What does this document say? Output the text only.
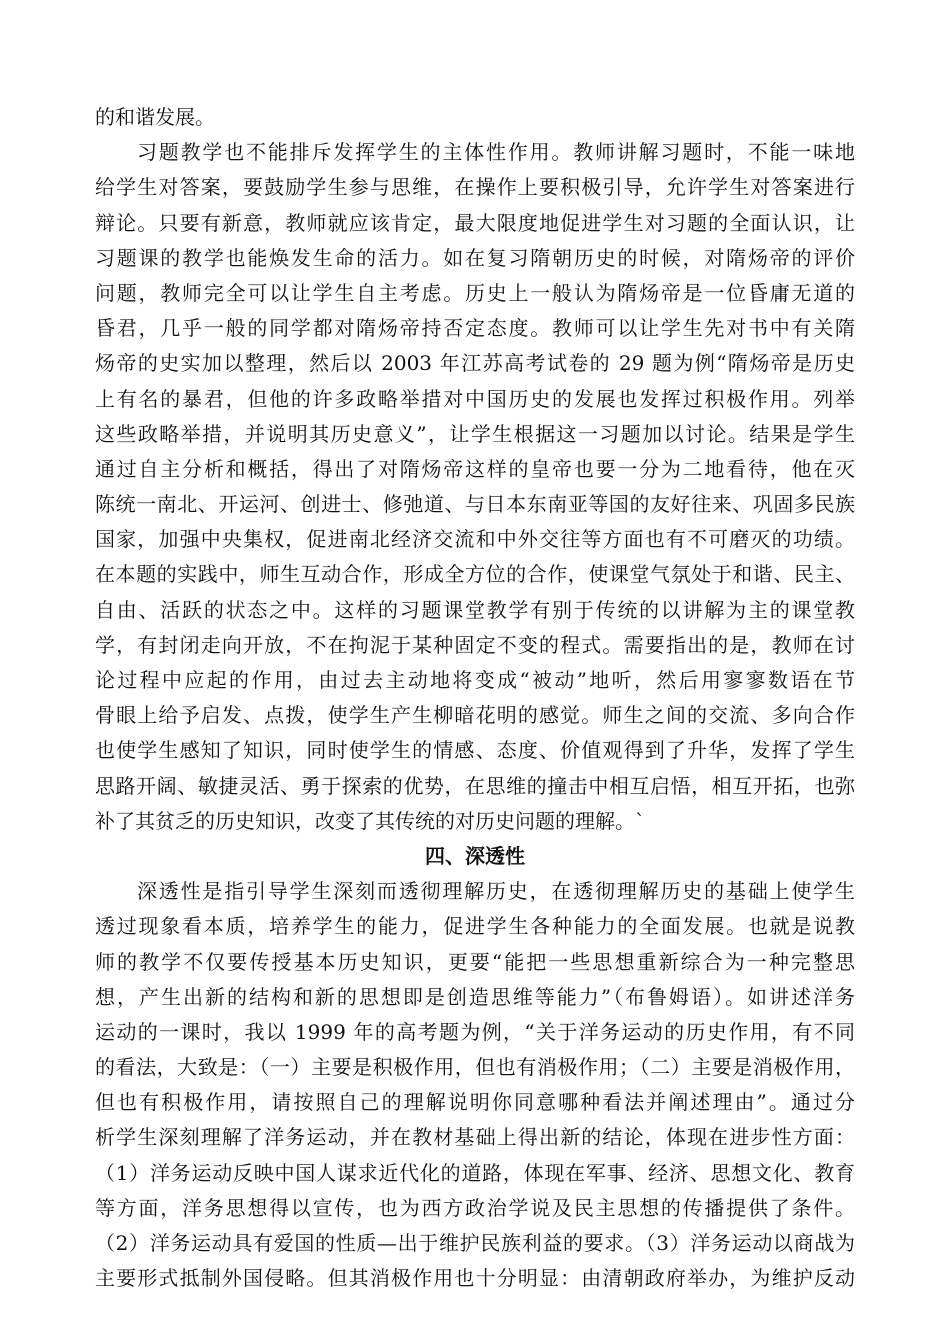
的和谐发展。
习题教学也不能排斥发挥学生的主体性作用。教师讲解习题时，不能一味地
给学生对答案，要鼓励学生参与思维，在操作上要积极引导，允许学生对答案进行
辩论。只要有新意，教师就应该肯定，最大限度地促进学生对习题的全面认识，让
习题课的教学也能焕发生命的活力。如在复习隋朝历史的时候，对隋炀帝的评价
问题，教师完全可以让学生自主考虑。历史上一般认为隋炀帝是一位昏庸无道的
昏君，几乎一般的同学都对隋炀帝持否定态度。教师可以让学生先对书中有关隋
炀帝的史实加以整理，然后以 2003 年江苏高考试卷的 29 题为例“隋炀帝是历史
上有名的暴君，但他的许多政略举措对中国历史的发展也发挥过积极作用。列举
这些政略举措，并说明其历史意义”，让学生根据这一习题加以讨论。结果是学生
通过自主分析和概括，得出了对隋炀帝这样的皇帝也要一分为二地看待，他在灭
陈统一南北、开运河、创进士、修弛道、与日本东南亚等国的友好往来、巩固多民族
国家，加强中央集权，促进南北经济交流和中外交往等方面也有不可磨灭的功绩。
在本题的实践中，师生互动合作，形成全方位的合作，使课堂气氛处于和谐、民主、
自由、活跃的状态之中。这样的习题课堂教学有别于传统的以讲解为主的课堂教
学，有封闭走向开放，不在拘泥于某种固定不变的程式。需要指出的是，教师在讨
论过程中应起的作用，由过去主动地将变成“被动”地听，然后用寥寥数语在节
骨眼上给予启发、点拨，使学生产生柳暗花明的感觉。师生之间的交流、多向合作
也使学生感知了知识，同时使学生的情感、态度、价值观得到了升华，发挥了学生
思路开阔、敏捷灵活、勇于探索的优势，在思维的撞击中相互启悟，相互开拓，也弥
补了其贫乏的历史知识，改变了其传统的对历史问题的理解。`
四、深透性
深透性是指引导学生深刻而透彻理解历史，在透彻理解历史的基础上使学生
透过现象看本质，培养学生的能力，促进学生各种能力的全面发展。也就是说教
师的教学不仅要传授基本历史知识，更要“能把一些思想重新综合为一种完整思
想，产生出新的结构和新的思想即是创造思维等能力”（布鲁姆语）。如讲述洋务
运动的一课时，我以 1999 年的高考题为例，“关于洋务运动的历史作用，有不同
的看法，大致是：（一）主要是积极作用，但也有消极作用；（二）主要是消极作用，
但也有积极作用，请按照自己的理解说明你同意哪种看法并阐述理由”。通过分
析学生深刻理解了洋务运动，并在教材基础上得出新的结论，体现在进步性方面：
（1）洋务运动反映中国人谋求近代化的道路，体现在军事、经济、思想文化、教育
等方面，洋务思想得以宣传，也为西方政治学说及民主思想的传播提供了条件。
（2）洋务运动具有爱国的性质—出于维护民族利益的要求。（3）洋务运动以商战为
主要形式抵制外国侵略。但其消极作用也十分明显：由清朝政府举办，为维护反动
